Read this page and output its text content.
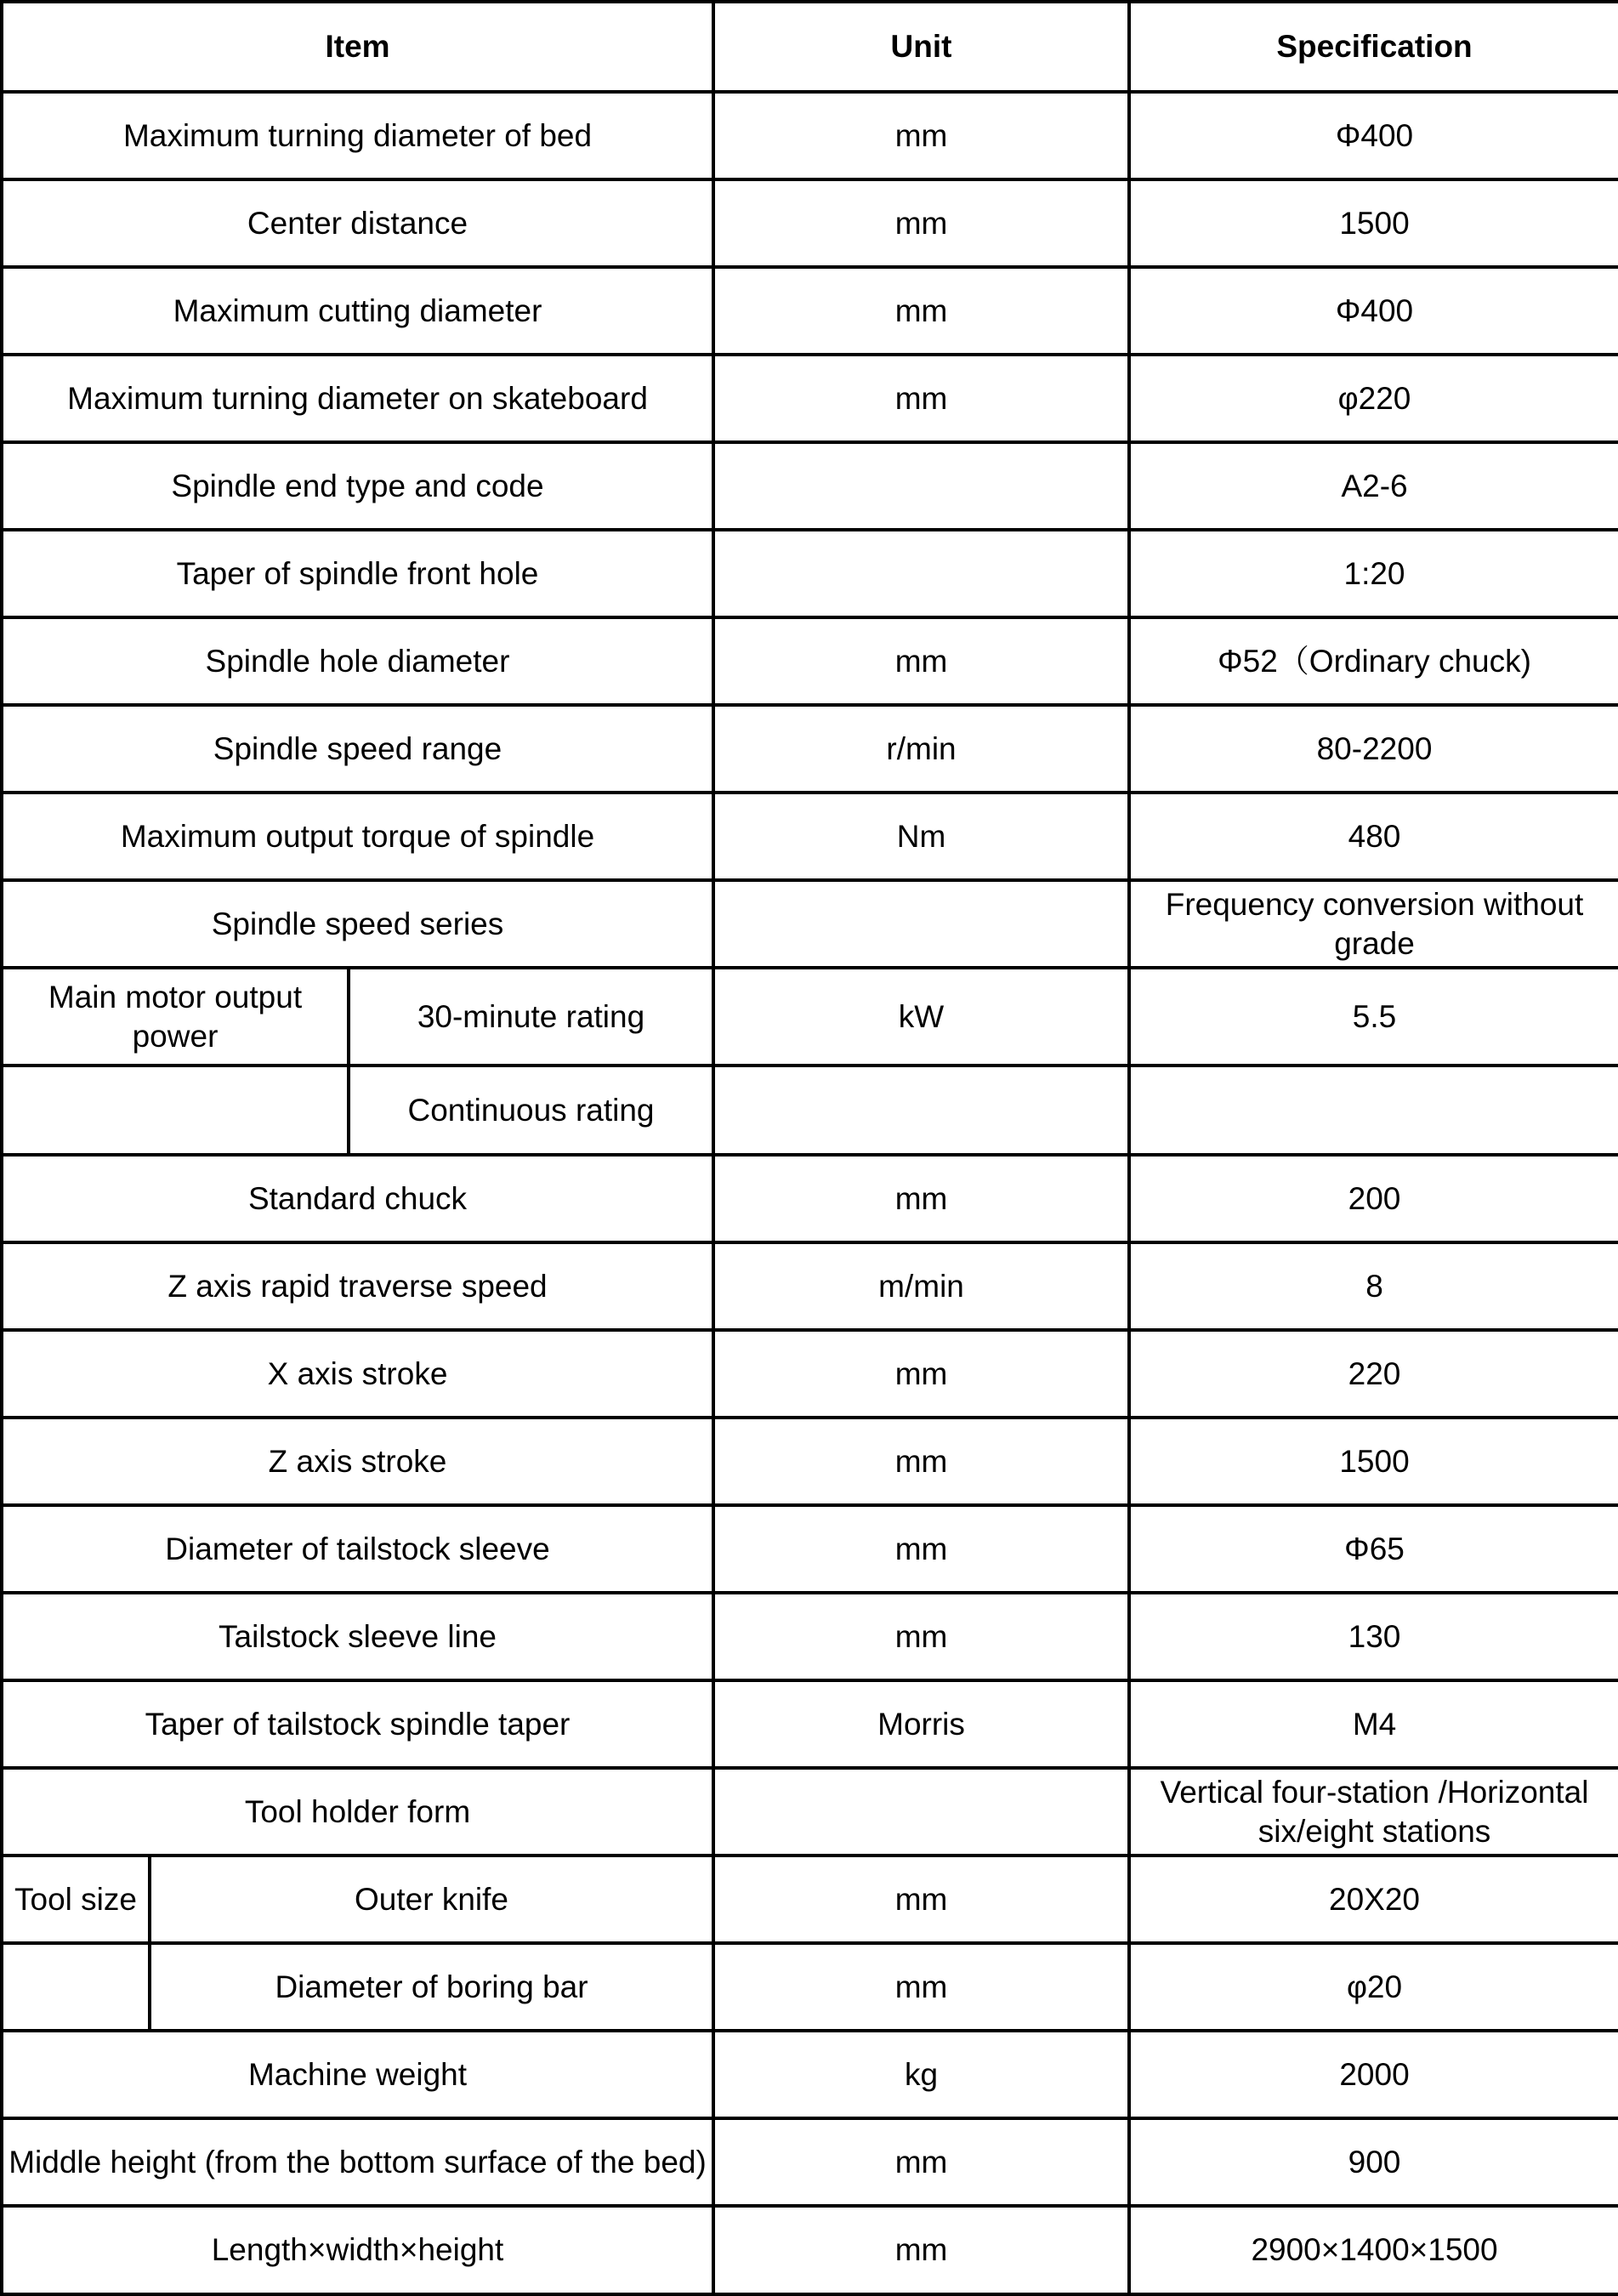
Item			Unit	Specification
Maximum turning diameter of bed			mm	Φ400
Center distance			mm	1500
Maximum cutting diameter			mm	Φ400
Maximum turning diameter on skateboard			mm	φ220
Spindle end type and code				A2-6
Taper of spindle front hole				1:20
Spindle hole diameter			mm	Φ52（Ordinary chuck)
Spindle speed range			r/min	80-2200
Maximum output torque of spindle			Nm	480
Spindle speed series				Frequency conversion without grade
Main motor output power		30-minute rating	kW	5.5
		Continuous rating		
Standard chuck			mm	200
Z axis rapid traverse speed			m/min	8
X axis stroke			mm	220
Z axis stroke			mm	1500
Diameter of tailstock sleeve			mm	Φ65
Tailstock sleeve line			mm	130
Taper of tailstock spindle taper			Morris	M4
Tool holder form				Vertical four-station /Horizontal six/eight stations
Tool size	Outer knife		mm	20X20
	Diameter of boring bar		mm	φ20
Machine weight			kg	2000
Middle height (from the bottom surface of the bed)			mm	900
Length×width×height			mm	2900×1400×1500
